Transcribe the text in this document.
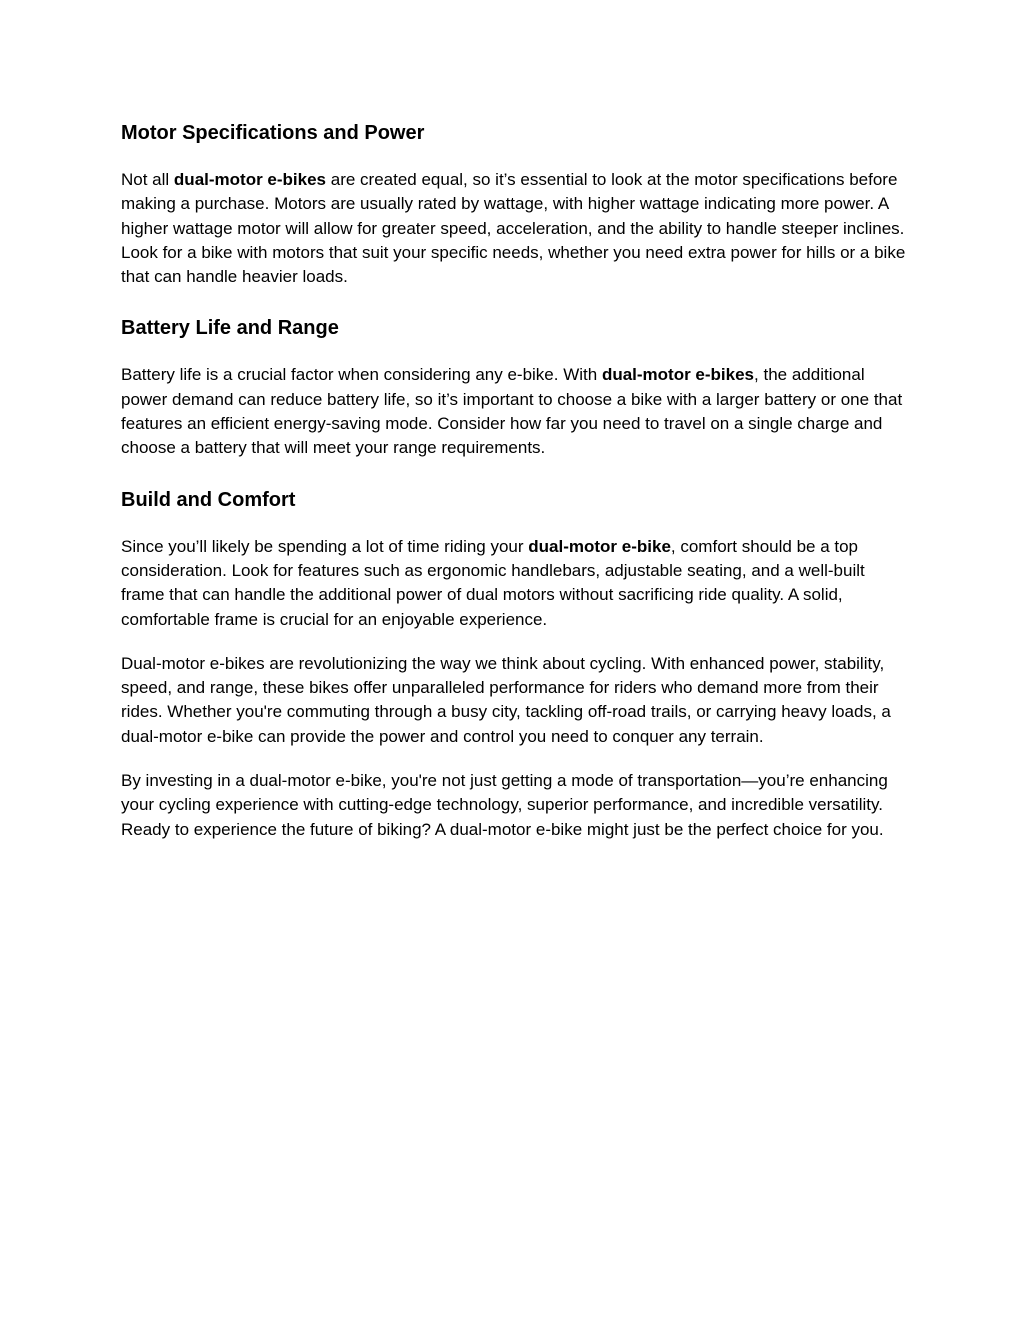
Motor Specifications and Power

Not all dual-motor e-bikes are created equal, so it’s essential to look at the motor specifications before making a purchase. Motors are usually rated by wattage, with higher wattage indicating more power. A higher wattage motor will allow for greater speed, acceleration, and the ability to handle steeper inclines. Look for a bike with motors that suit your specific needs, whether you need extra power for hills or a bike that can handle heavier loads.

Battery Life and Range

Battery life is a crucial factor when considering any e-bike. With dual-motor e-bikes, the additional power demand can reduce battery life, so it’s important to choose a bike with a larger battery or one that features an efficient energy-saving mode. Consider how far you need to travel on a single charge and choose a battery that will meet your range requirements.

Build and Comfort

Since you’ll likely be spending a lot of time riding your dual-motor e-bike, comfort should be a top consideration. Look for features such as ergonomic handlebars, adjustable seating, and a well-built frame that can handle the additional power of dual motors without sacrificing ride quality. A solid, comfortable frame is crucial for an enjoyable experience.

Dual-motor e-bikes are revolutionizing the way we think about cycling. With enhanced power, stability, speed, and range, these bikes offer unparalleled performance for riders who demand more from their rides. Whether you're commuting through a busy city, tackling off-road trails, or carrying heavy loads, a dual-motor e-bike can provide the power and control you need to conquer any terrain.

By investing in a dual-motor e-bike, you're not just getting a mode of transportation—you’re enhancing your cycling experience with cutting-edge technology, superior performance, and incredible versatility. Ready to experience the future of biking? A dual-motor e-bike might just be the perfect choice for you.
